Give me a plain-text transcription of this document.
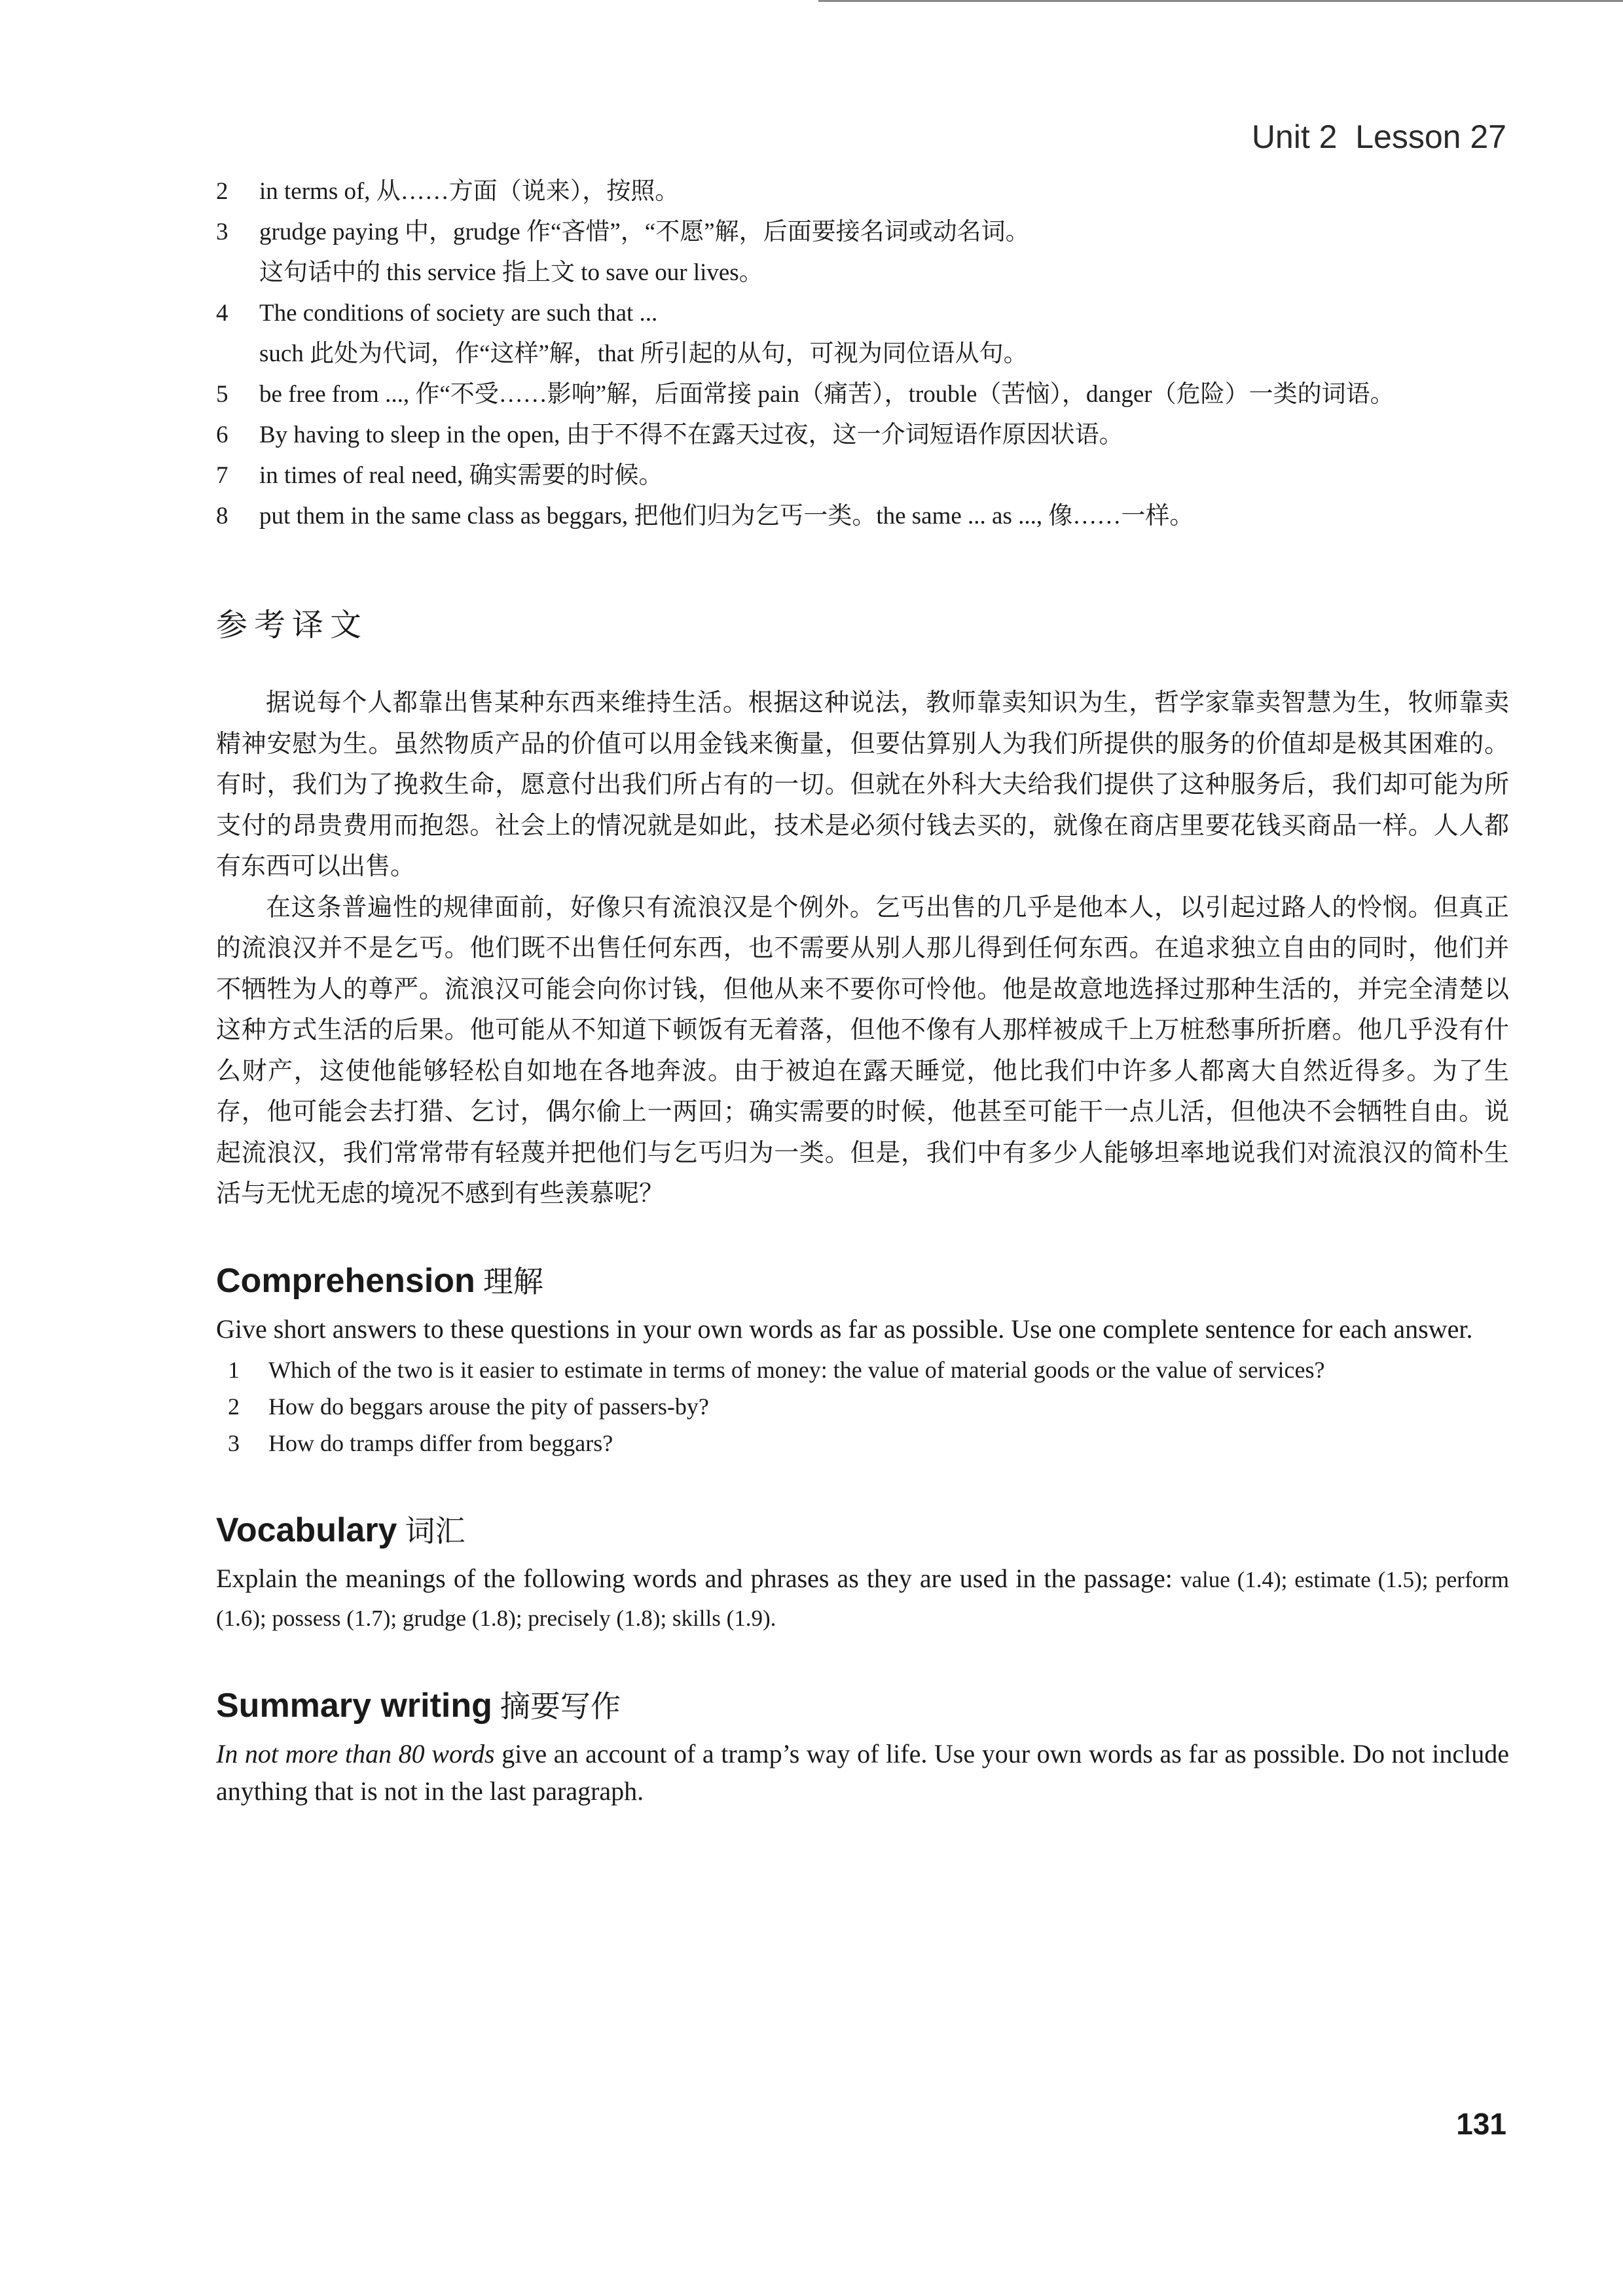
Unit 2 Lesson 27
2	in terms of, 从……方面（说来），按照。
3	grudge paying 中，grudge 作“吝惜”，“不愿”解，后面要接名词或动名词。
这句话中的 this service 指上文 to save our lives。
4	The conditions of society are such that ...
such 此处为代词，作“这样”解，that 所引起的从句，可视为同位语从句。
5	be free from ..., 作“不受……影响”解，后面常接 pain（痛苦），trouble（苦恼），danger（危险）一类的词语。
6	By having to sleep in the open, 由于不得不在露天过夜，这一介词短语作原因状语。
7	in times of real need, 确实需要的时候。
8	put them in the same class as beggars, 把他们归为乞丐一类。the same ... as ..., 像……一样。
参考译文

据说每个人都靠出售某种东西来维持生活。根据这种说法，教师靠卖知识为生，哲学家靠卖智慧为生，牧师靠卖精神安慰为生。虽然物质产品的价值可以用金钱来衡量，但要估算别人为我们所提供的服务的价值却是极其困难的。有时，我们为了挽救生命，愿意付出我们所占有的一切。但就在外科大夫给我们提供了这种服务后，我们却可能为所支付的昂贵费用而抱怨。社会上的情况就是如此，技术是必须付钱去买的，就像在商店里要花钱买商品一样。人人都有东西可以出售。

在这条普遍性的规律面前，好像只有流浪汉是个例外。乞丐出售的几乎是他本人，以引起过路人的怜悯。但真正的流浪汉并不是乞丐。他们既不出售任何东西，也不需要从别人那儿得到任何东西。在追求独立自由的同时，他们并不牺牲为人的尊严。流浪汉可能会向你讨钱，但他从来不要你可怜他。他是故意地选择过那种生活的，并完全清楚以这种方式生活的后果。他可能从不知道下顿饭有无着落，但他不像有人那样被成千上万桩愁事所折磨。他几乎没有什么财产，这使他能够轻松自如地在各地奔波。由于被迫在露天睡觉，他比我们中许多人都离大自然近得多。为了生存，他可能会去打猎、乞讨，偶尔偷上一两回；确实需要的时候，他甚至可能干一点儿活，但他决不会牺牲自由。说起流浪汉，我们常常带有轻蔑并把他们与乞丐归为一类。但是，我们中有多少人能够坦率地说我们对流浪汉的简朴生活与无忧无虑的境况不感到有些羡慕呢？

Comprehension 理解

Give short answers to these questions in your own words as far as possible. Use one complete sentence for each answer.

1	Which of the two is it easier to estimate in terms of money: the value of material goods or the value of services?
2	How do beggars arouse the pity of passers-by?
3	How do tramps differ from beggars?
Vocabulary 词汇

Explain the meanings of the following words and phrases as they are used in the passage: value (1.4); estimate (1.5); perform (1.6); possess (1.7); grudge (1.8); precisely (1.8); skills (1.9).

Summary writing 摘要写作

In not more than 80 words give an account of a tramp’s way of life. Use your own words as far as possible. Do not include anything that is not in the last paragraph.

131
